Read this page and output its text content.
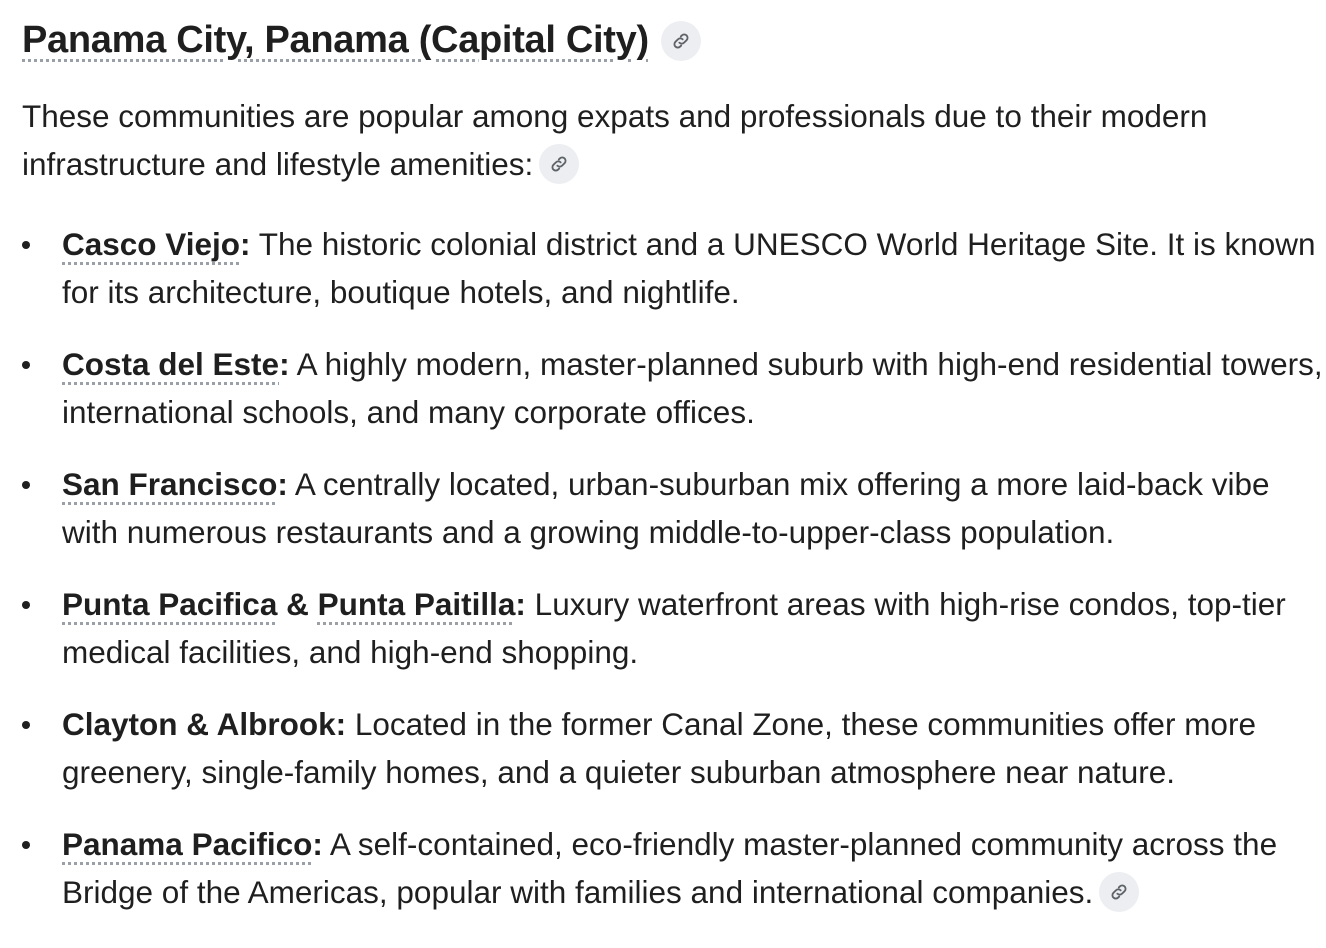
Panama City, Panama (Capital City)

These communities are popular among expats and professionals due to their modern infrastructure and lifestyle amenities:

Casco Viejo: The historic colonial district and a UNESCO World Heritage Site. It is known for its architecture, boutique hotels, and nightlife.
Costa del Este: A highly modern, master-planned suburb with high-end residential towers, international schools, and many corporate offices.
San Francisco: A centrally located, urban-suburban mix offering a more laid-back vibe with numerous restaurants and a growing middle-to-upper-class population.
Punta Pacifica & Punta Paitilla: Luxury waterfront areas with high-rise condos, top-tier medical facilities, and high-end shopping.
Clayton & Albrook: Located in the former Canal Zone, these communities offer more greenery, single-family homes, and a quieter suburban atmosphere near nature.
Panama Pacifico: A self-contained, eco-friendly master-planned community across the Bridge of the Americas, popular with families and international companies.
